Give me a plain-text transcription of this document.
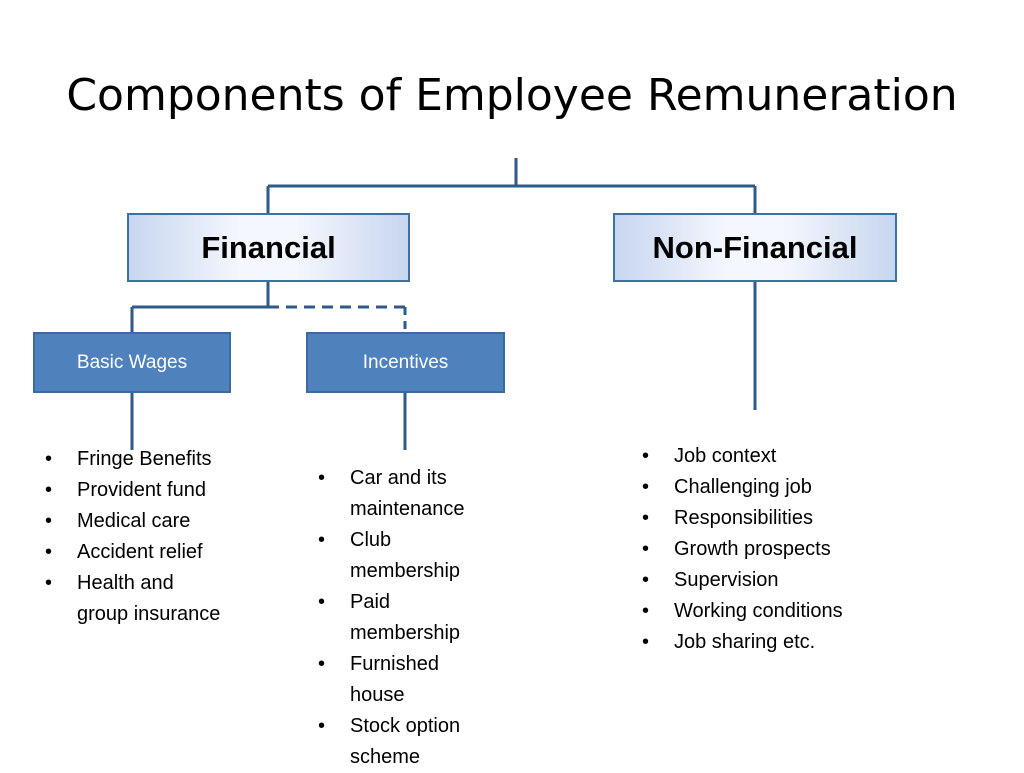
Components of Employee Remuneration
Financial	Non-Financial
Basic Wages	Incentives
• Fringe Benefits
• Provident fund
• Medical care
• Accident relief
• Health and group insurance
• Car and its maintenance
• Club membership
• Paid membership
• Furnished house
• Stock option scheme
• Job context
• Challenging job
• Responsibilities
• Growth prospects
• Supervision
• Working conditions
• Job sharing etc.
